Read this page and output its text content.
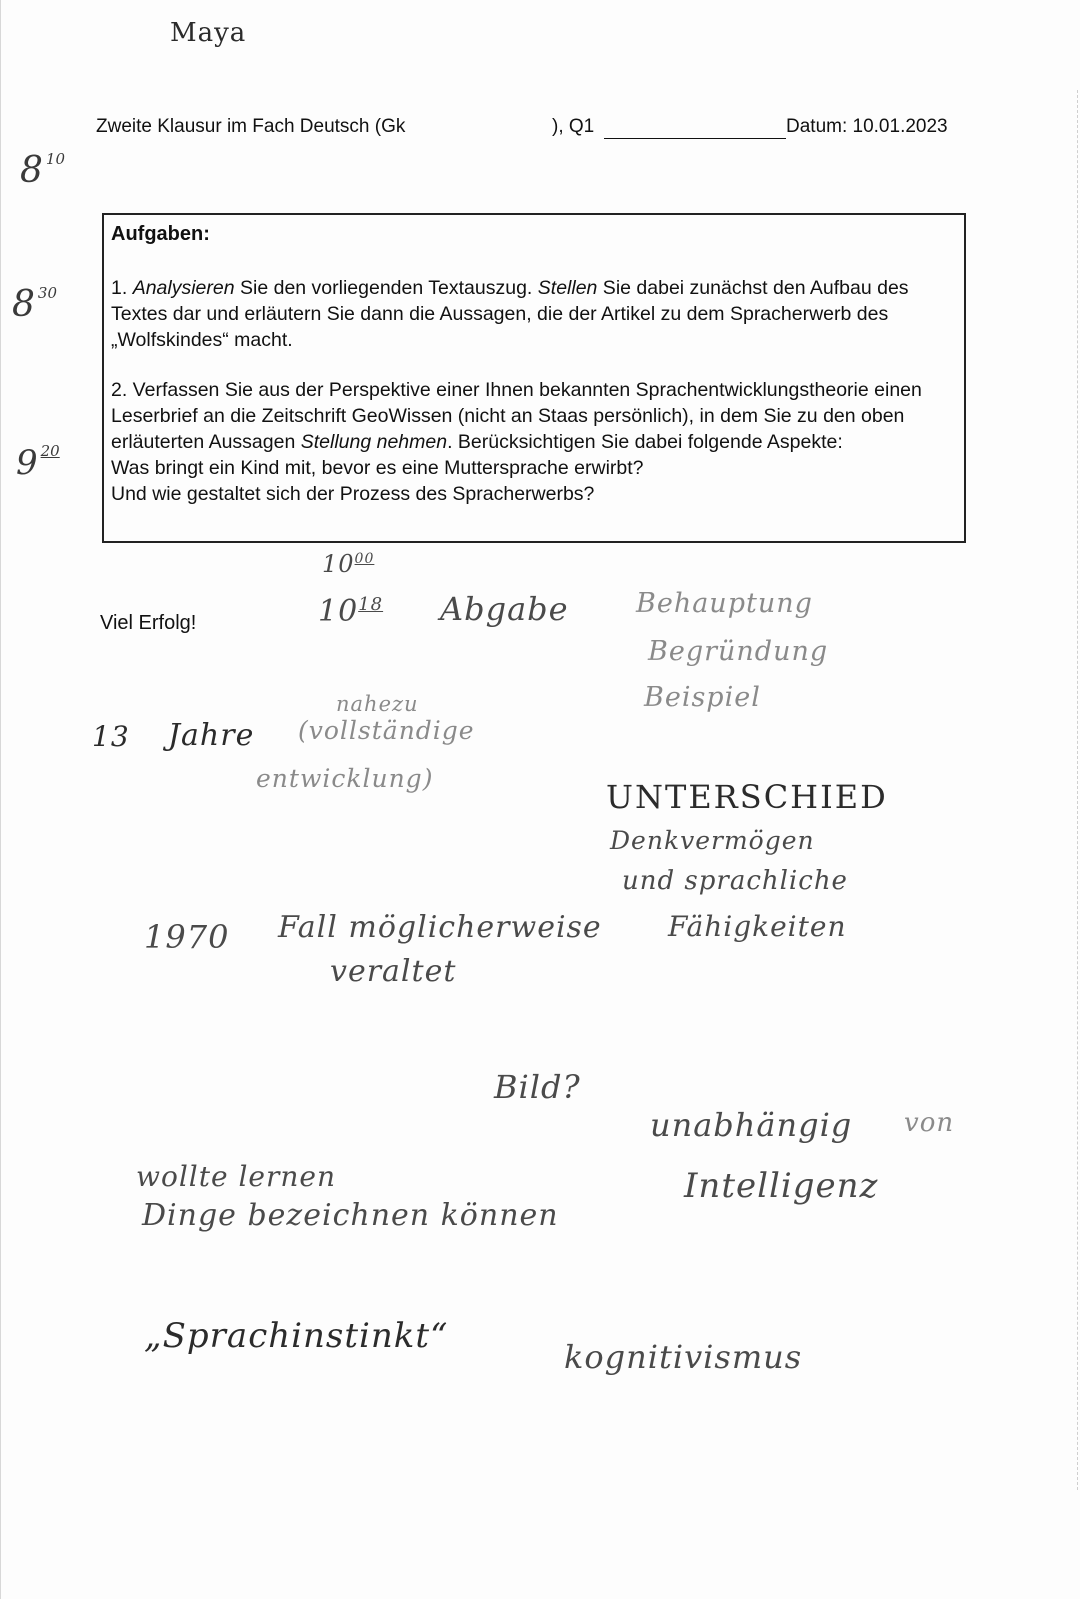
Maya
Zweite Klausur im Fach Deutsch (Gk	), Q1	Datum: 10.01.2023
8 $^{10}$
8 $^{30}$
9 $^{20}$
Aufgaben:
1. Analysieren Sie den vorliegenden Textauszug. Stellen Sie dabei zunächst den Aufbau des Textes dar und erläutern Sie dann die Aussagen, die der Artikel zu dem Spracherwerb des „Wolfskindes“ macht.
2. Verfassen Sie aus der Perspektive einer Ihnen bekannten Sprachentwicklungstheorie einen Leserbrief an die Zeitschrift GeoWissen (nicht an Staas persönlich), in dem Sie zu den oben erläuterten Aussagen Stellung nehmen. Berücksichtigen Sie dabei folgende Aspekte:
Was bringt ein Kind mit, bevor es eine Muttersprache erwirbt?
Und wie gestaltet sich der Prozess des Spracherwerbs?
Viel Erfolg!
$10^{00}$
$10^{18}$ Abgabe Behauptung
Begründung
Beispiel
13 Jahre
nahezu
(vollständige
entwicklung)	UNTERSCHIED
Denkvermögen
und sprachliche
Fähigkeiten
1970 Fall möglicherweise
veraltet
Bild?
unabhängig von
Intelligenz
wollte lernen
Dinge bezeichnen können
„Sprachinstinkt“
kognitivismus
